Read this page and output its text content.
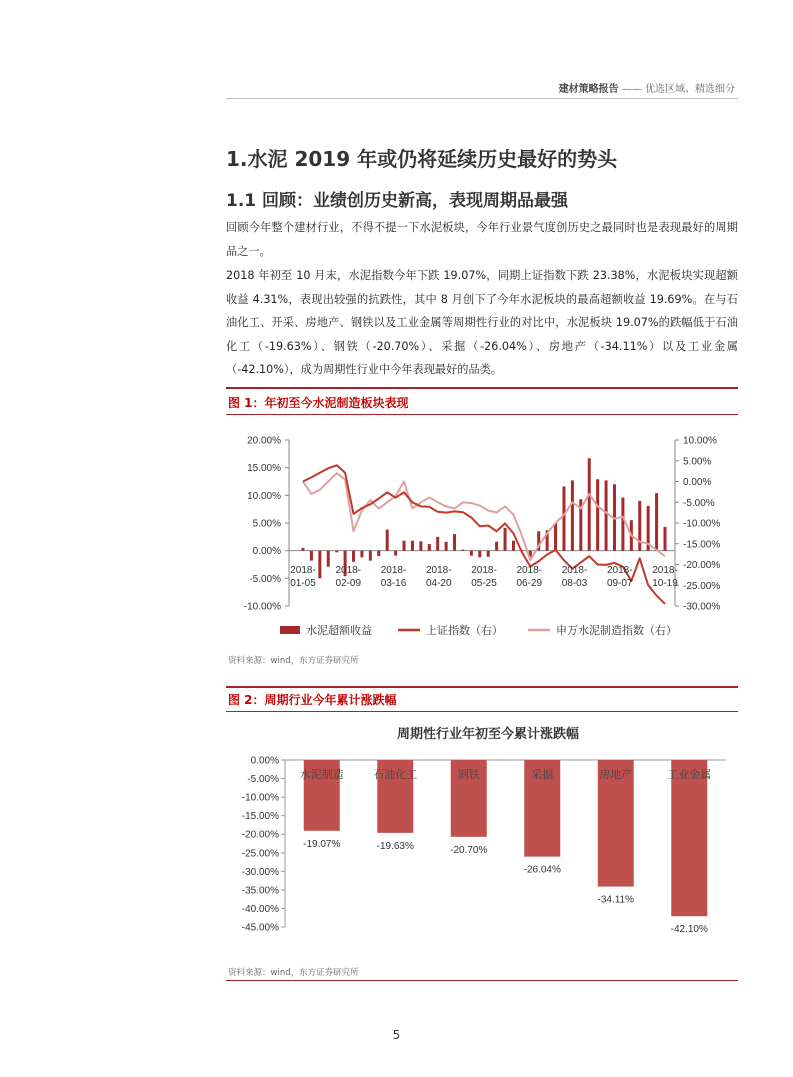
建材策略报告 —— 优选区域、精选细分
1.水泥 2019 年或仍将延续历史最好的势头
1.1 回顾：业绩创历史新高，表现周期品最强
回顾今年整个建材行业，不得不提一下水泥板块，今年行业景气度创历史之最同时也是表现最好的周期品之一。
2018 年初至 10 月末，水泥指数今年下跌 19.07%，同期上证指数下跌 23.38%，水泥板块实现超额收益 4.31%，表现出较强的抗跌性，其中 8 月创下了今年水泥板块的最高超额收益 19.69%。在与石油化工、开采、房地产、钢铁以及工业金属等周期性行业的对比中，水泥板块 19.07%的跌幅低于石油化工（-19.63%）、钢铁（-20.70%）、采掘（-26.04%）、房地产（-34.11%）以及工业金属（-42.10%），成为周期性行业中今年表现最好的品类。
图 1：年初至今水泥制造板块表现
20.00%
15.00%
10.00%
5.00%
0.00%
-5.00%
-10.00%
10.00%
5.00%
0.00%
-5.00%
-10.00%
-15.00%
-20.00%
-25.00%
-30.00%
2018-01-05
2018-02-09
2018-03-16
2018-04-20
2018-05-25
2018-06-29
2018-08-03
2018-09-07
2018-10-19
水泥超额收益	上证指数（右）	申万水泥制造指数（右）
资料来源：wind，东方证券研究所
图 2：周期行业今年累计涨跌幅
周期性行业年初至今累计涨跌幅
0.00%
-5.00%
-10.00%
-15.00%
-20.00%
-25.00%
-30.00%
-35.00%
-40.00%
-45.00%
水泥制造
-19.07%
石油化工
-19.63%
钢铁
-20.70%
采掘
-26.04%
房地产
-34.11%
工业金属
-42.10%
资料来源：wind，东方证券研究所
5
